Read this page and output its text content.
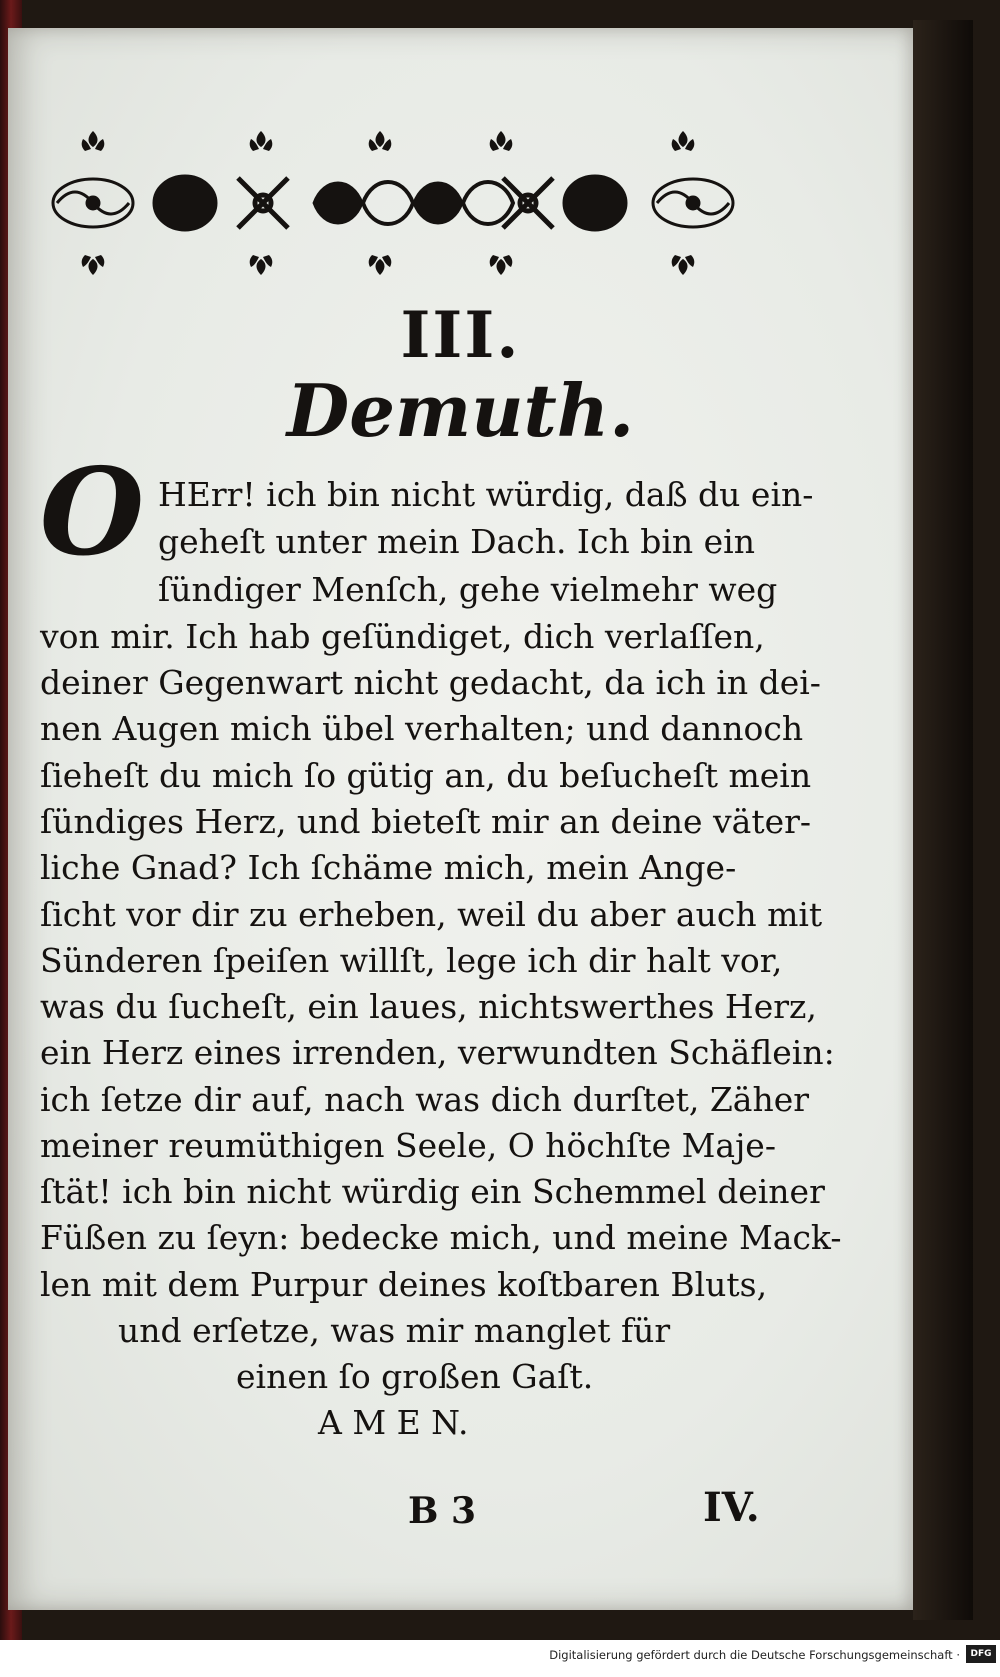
III.
Demuth.
O HErr! ich bin nicht würdig, daß du ein-
geheſt unter mein Dach. Ich bin ein
ſündiger Menſch, gehe vielmehr weg
von mir. Ich hab geſündiget, dich verlaſſen,
deiner Gegenwart nicht gedacht, da ich in dei-
nen Augen mich übel verhalten; und dannoch
ſieheſt du mich ſo gütig an, du beſucheſt mein
ſündiges Herz, und bieteſt mir an deine väter-
liche Gnad? Ich ſchäme mich, mein Ange-
ſicht vor dir zu erheben, weil du aber auch mit
Sünderen ſpeiſen willſt, lege ich dir halt vor,
was du ſucheſt, ein laues, nichtswerthes Herz,
ein Herz eines irrenden, verwundten Schäflein:
ich ſetze dir auf, nach was dich durſtet, Zäher
meiner reumüthigen Seele, O höchſte Maje-
ſtät! ich bin nicht würdig ein Schemmel deiner
Füßen zu ſeyn: bedecke mich, und meine Mack-
len mit dem Purpur deines koſtbaren Bluts,
und erſetze, was mir manglet für
einen ſo großen Gaſt.
A M E N.
B 3	IV.
Digitalisierung gefördert durch die Deutsche Forschungsgemeinschaft ·	DFG
